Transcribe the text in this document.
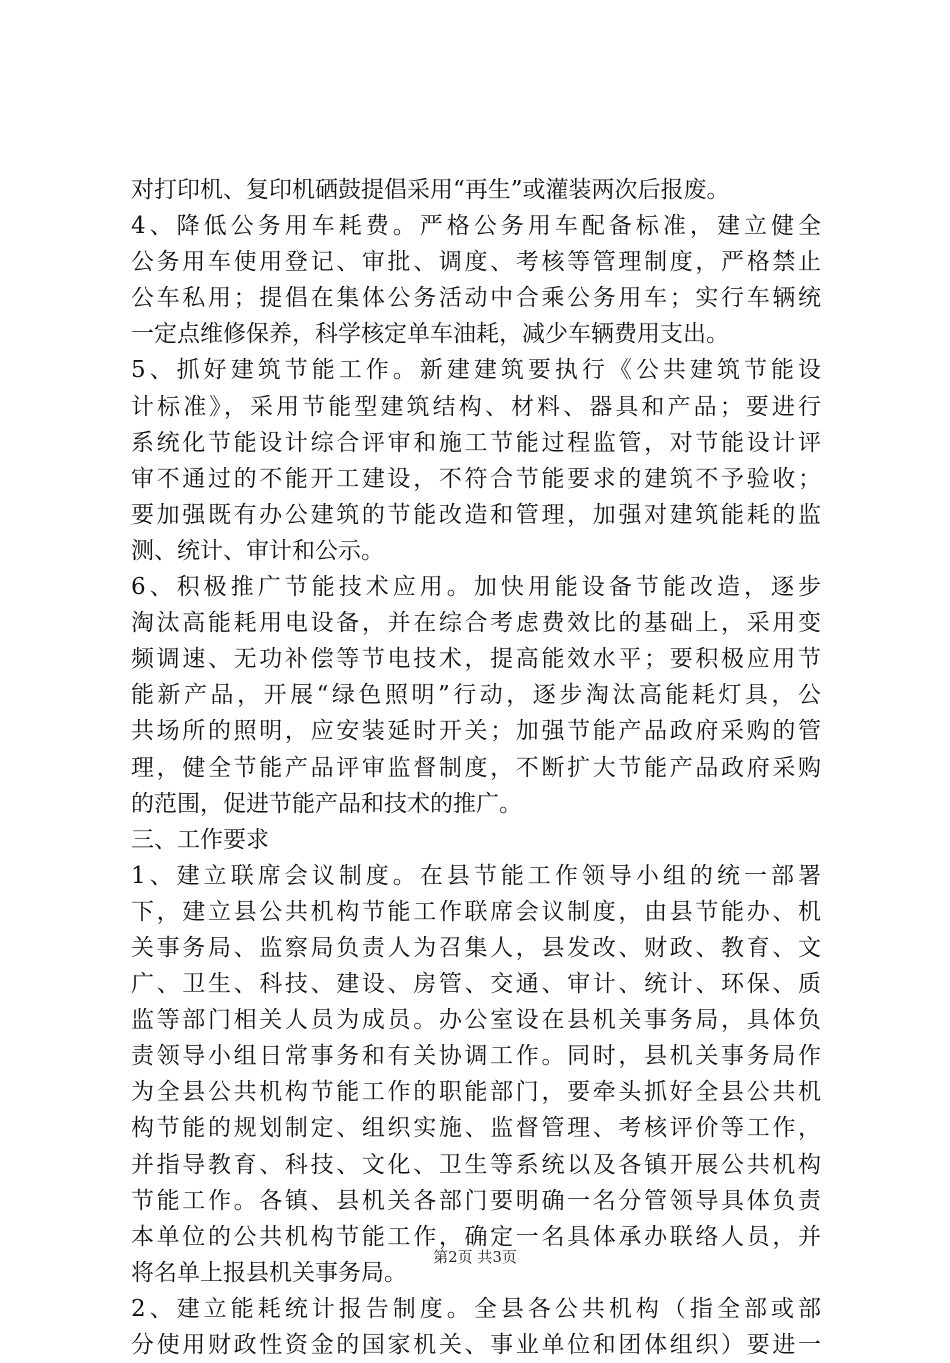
对打印机、复印机硒鼓提倡采用“再生”或灌装两次后报废。
4、降低公务用车耗费。严格公务用车配备标准，建立健全
公务用车使用登记、审批、调度、考核等管理制度，严格禁止
公车私用；提倡在集体公务活动中合乘公务用车；实行车辆统
一定点维修保养，科学核定单车油耗，减少车辆费用支出。
5、抓好建筑节能工作。新建建筑要执行《公共建筑节能设
计标准》，采用节能型建筑结构、材料、器具和产品；要进行
系统化节能设计综合评审和施工节能过程监管，对节能设计评
审不通过的不能开工建设，不符合节能要求的建筑不予验收；
要加强既有办公建筑的节能改造和管理，加强对建筑能耗的监
测、统计、审计和公示。
6、积极推广节能技术应用。加快用能设备节能改造，逐步
淘汰高能耗用电设备，并在综合考虑费效比的基础上，采用变
频调速、无功补偿等节电技术，提高能效水平；要积极应用节
能新产品，开展“绿色照明”行动，逐步淘汰高能耗灯具，公
共场所的照明，应安装延时开关；加强节能产品政府采购的管
理，健全节能产品评审监督制度，不断扩大节能产品政府采购
的范围，促进节能产品和技术的推广。
三、工作要求
1、建立联席会议制度。在县节能工作领导小组的统一部署
下，建立县公共机构节能工作联席会议制度，由县节能办、机
关事务局、监察局负责人为召集人，县发改、财政、教育、文
广、卫生、科技、建设、房管、交通、审计、统计、环保、质
监等部门相关人员为成员。办公室设在县机关事务局，具体负
责领导小组日常事务和有关协调工作。同时，县机关事务局作
为全县公共机构节能工作的职能部门，要牵头抓好全县公共机
构节能的规划制定、组织实施、监督管理、考核评价等工作，
并指导教育、科技、文化、卫生等系统以及各镇开展公共机构
节能工作。各镇、县机关各部门要明确一名分管领导具体负责
本单位的公共机构节能工作，确定一名具体承办联络人员，并
将名单上报县机关事务局。
2、建立能耗统计报告制度。全县各公共机构（指全部或部
分使用财政性资金的国家机关、事业单位和团体组织）要进一
第2页 共3页
